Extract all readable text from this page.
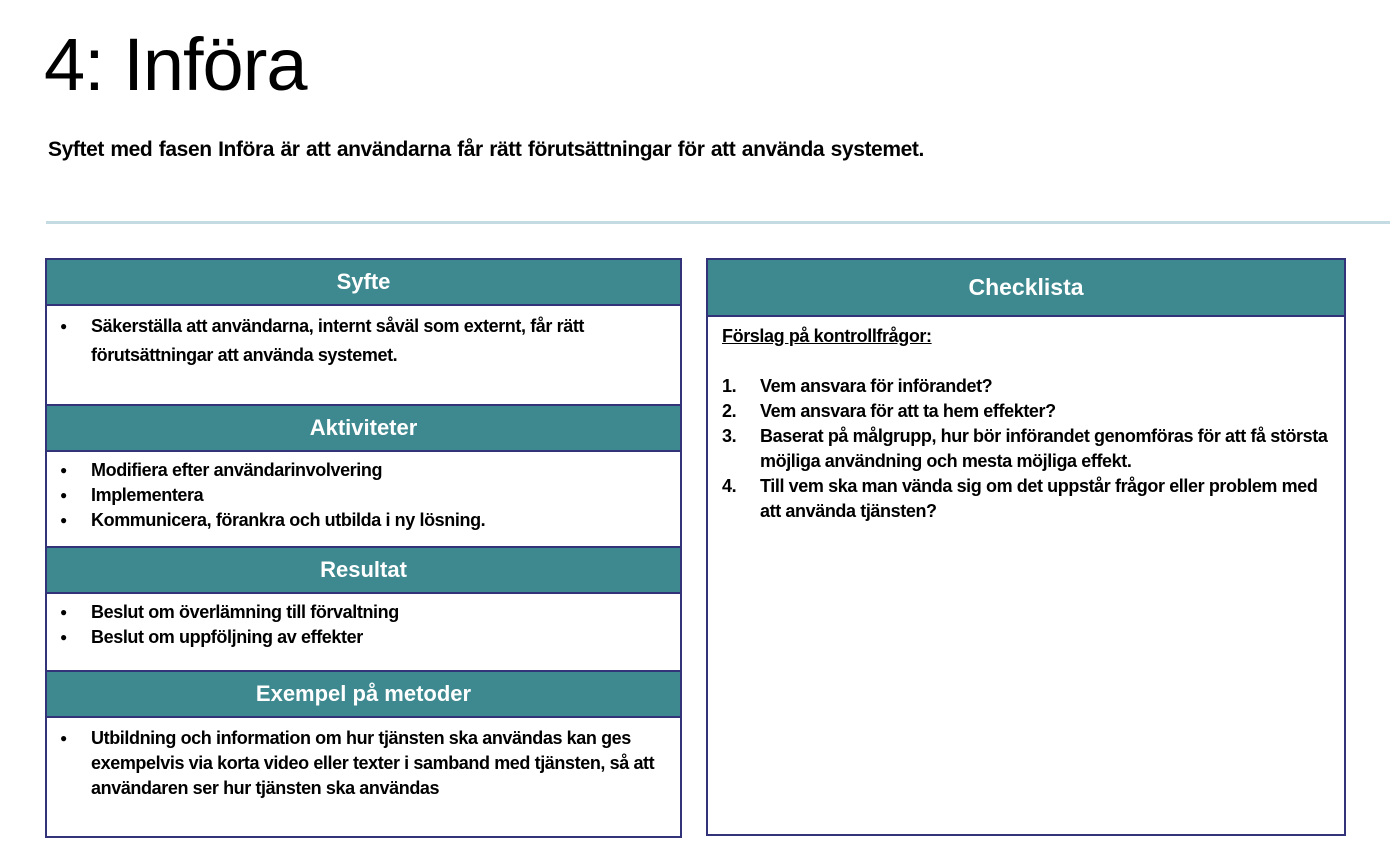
4: Införa
Syftet med fasen Införa är att användarna får rätt förutsättningar för att använda systemet.
Syfte
● Säkerställa att användarna, internt såväl som externt, får rätt förutsättningar att använda systemet.
Aktiviteter
● Modifiera efter användarinvolvering
● Implementera
● Kommunicera, förankra och utbilda i ny lösning.
Resultat
● Beslut om överlämning till förvaltning
● Beslut om uppföljning av effekter
Exempel på metoder
● Utbildning och information om hur tjänsten ska användas kan ges exempelvis via korta video eller texter i samband med tjänsten, så att användaren ser hur tjänsten ska användas
Checklista
Förslag på kontrollfrågor:
1. Vem ansvara för införandet?
2. Vem ansvara för att ta hem effekter?
3. Baserat på målgrupp, hur bör införandet genomföras för att få största möjliga användning och mesta möjliga effekt.
4. Till vem ska man vända sig om det uppstår frågor eller problem med att använda tjänsten?
